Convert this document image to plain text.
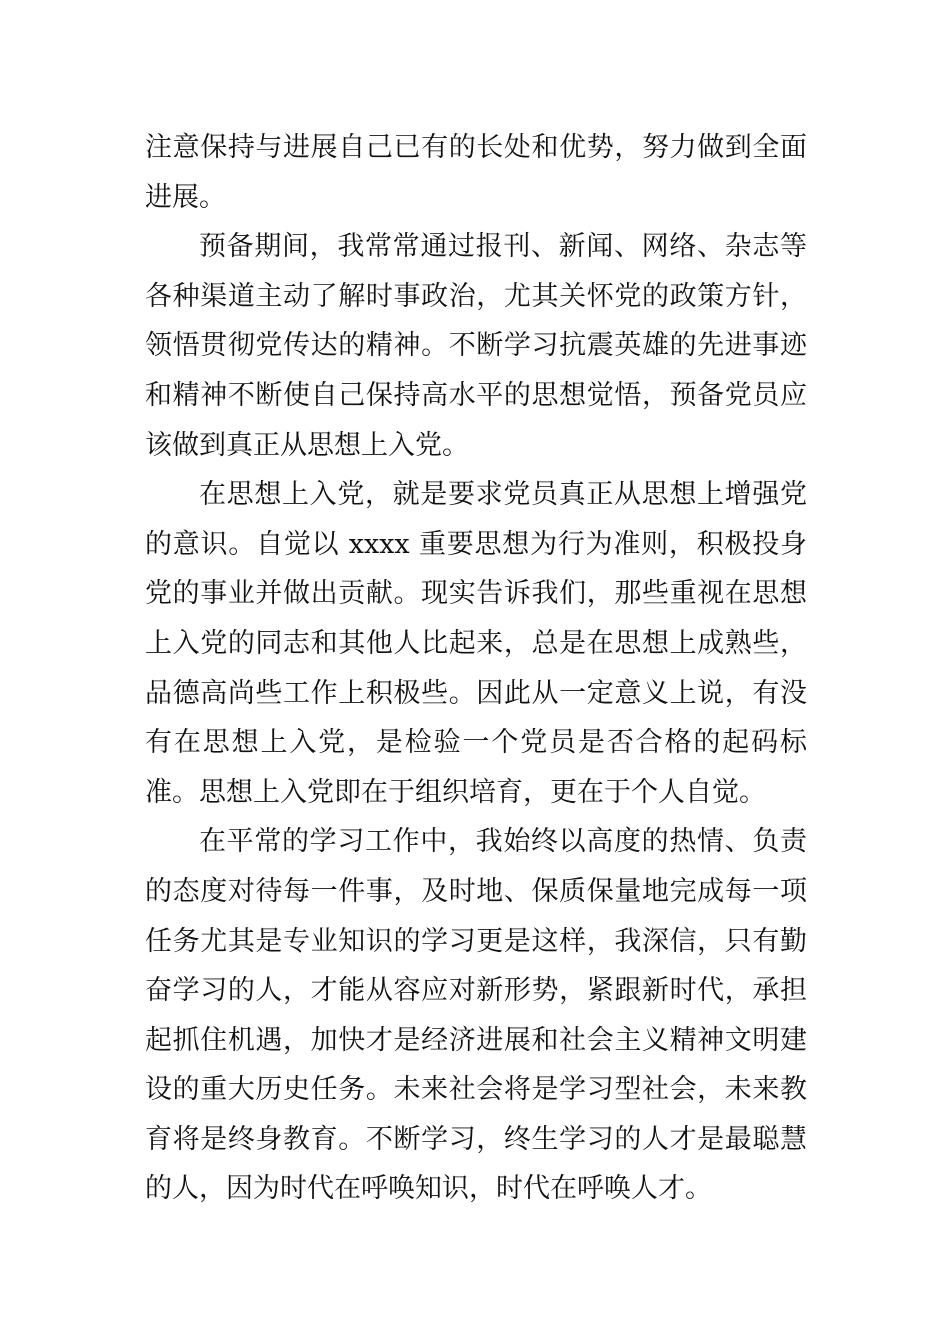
注意保持与进展自己已有的长处和优势，努力做到全面进展。

预备期间，我常常通过报刊、新闻、网络、杂志等各种渠道主动了解时事政治，尤其关怀党的政策方针，领悟贯彻党传达的精神。不断学习抗震英雄的先进事迹和精神不断使自己保持高水平的思想觉悟，预备党员应该做到真正从思想上入党。

在思想上入党，就是要求党员真正从思想上增强党的意识。自觉以 xxxx 重要思想为行为准则，积极投身党的事业并做出贡献。现实告诉我们，那些重视在思想上入党的同志和其他人比起来，总是在思想上成熟些，品德高尚些工作上积极些。因此从一定意义上说，有没有在思想上入党，是检验一个党员是否合格的起码标准。思想上入党即在于组织培育，更在于个人自觉。

在平常的学习工作中，我始终以高度的热情、负责的态度对待每一件事，及时地、保质保量地完成每一项任务尤其是专业知识的学习更是这样，我深信，只有勤奋学习的人，才能从容应对新形势，紧跟新时代，承担起抓住机遇，加快才是经济进展和社会主义精神文明建设的重大历史任务。未来社会将是学习型社会，未来教育将是终身教育。不断学习，终生学习的人才是最聪慧的人，因为时代在呼唤知识，时代在呼唤人才。
